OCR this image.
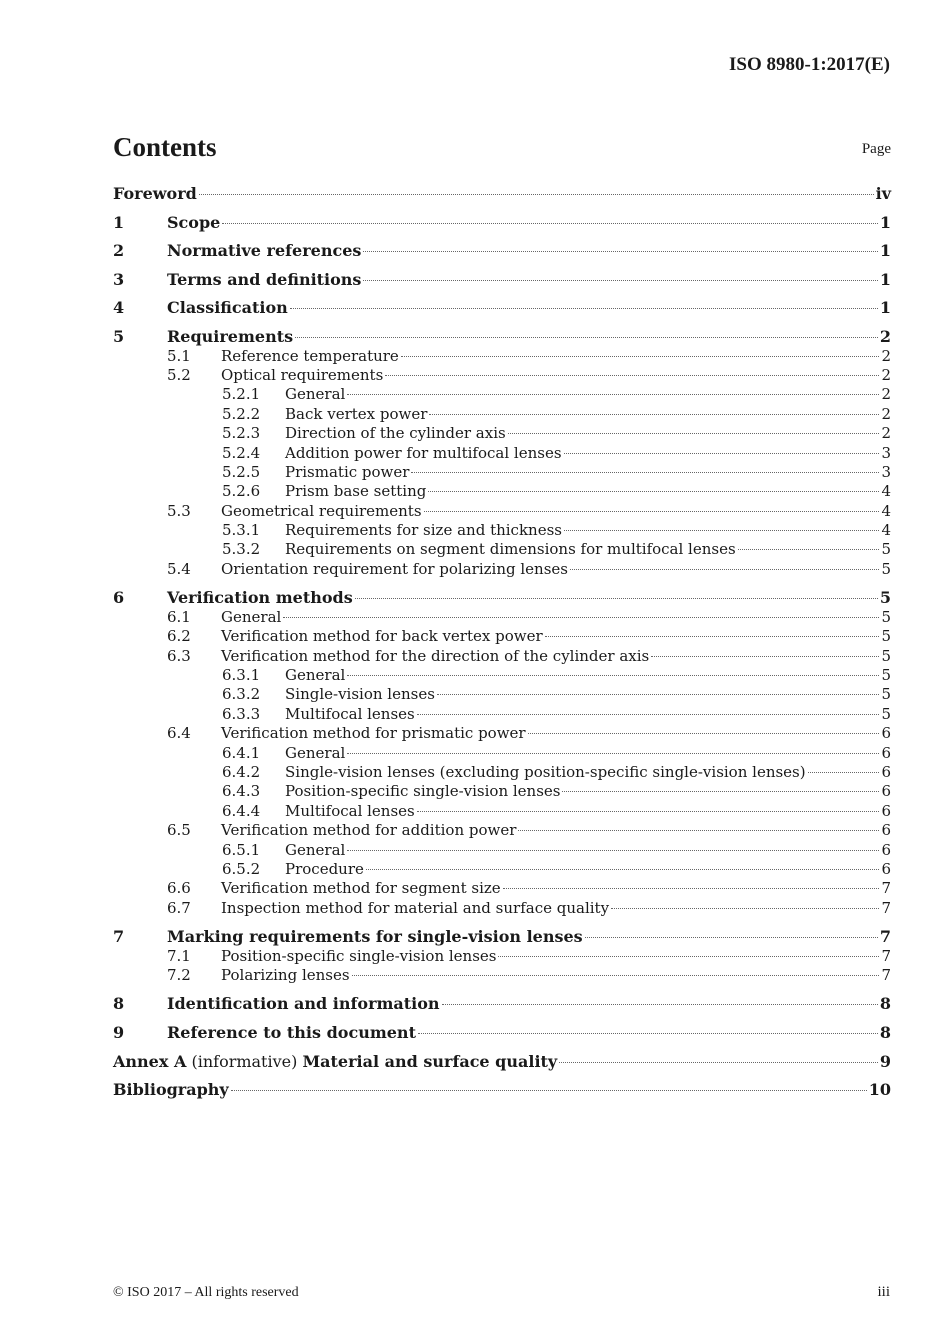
ISO 8980-1:2017(E)
Contents	Page
Foreword	iv
1	Scope	1
2	Normative references	1
3	Terms and definitions	1
4	Classification	1
5	Requirements	2
5.1	Reference temperature	2
5.2	Optical requirements	2
5.2.1	General	2
5.2.2	Back vertex power	2
5.2.3	Direction of the cylinder axis	2
5.2.4	Addition power for multifocal lenses	3
5.2.5	Prismatic power	3
5.2.6	Prism base setting	4
5.3	Geometrical requirements	4
5.3.1	Requirements for size and thickness	4
5.3.2	Requirements on segment dimensions for multifocal lenses	5
5.4	Orientation requirement for polarizing lenses	5
6	Verification methods	5
6.1	General	5
6.2	Verification method for back vertex power	5
6.3	Verification method for the direction of the cylinder axis	5
6.3.1	General	5
6.3.2	Single-vision lenses	5
6.3.3	Multifocal lenses	5
6.4	Verification method for prismatic power	6
6.4.1	General	6
6.4.2	Single-vision lenses (excluding position-specific single-vision lenses)	6
6.4.3	Position-specific single-vision lenses	6
6.4.4	Multifocal lenses	6
6.5	Verification method for addition power	6
6.5.1	General	6
6.5.2	Procedure	6
6.6	Verification method for segment size	7
6.7	Inspection method for material and surface quality	7
7	Marking requirements for single-vision lenses	7
7.1	Position-specific single-vision lenses	7
7.2	Polarizing lenses	7
8	Identification and information	8
9	Reference to this document	8
Annex A (informative) Material and surface quality	9
Bibliography	10
© ISO 2017 – All rights reserved	iii
